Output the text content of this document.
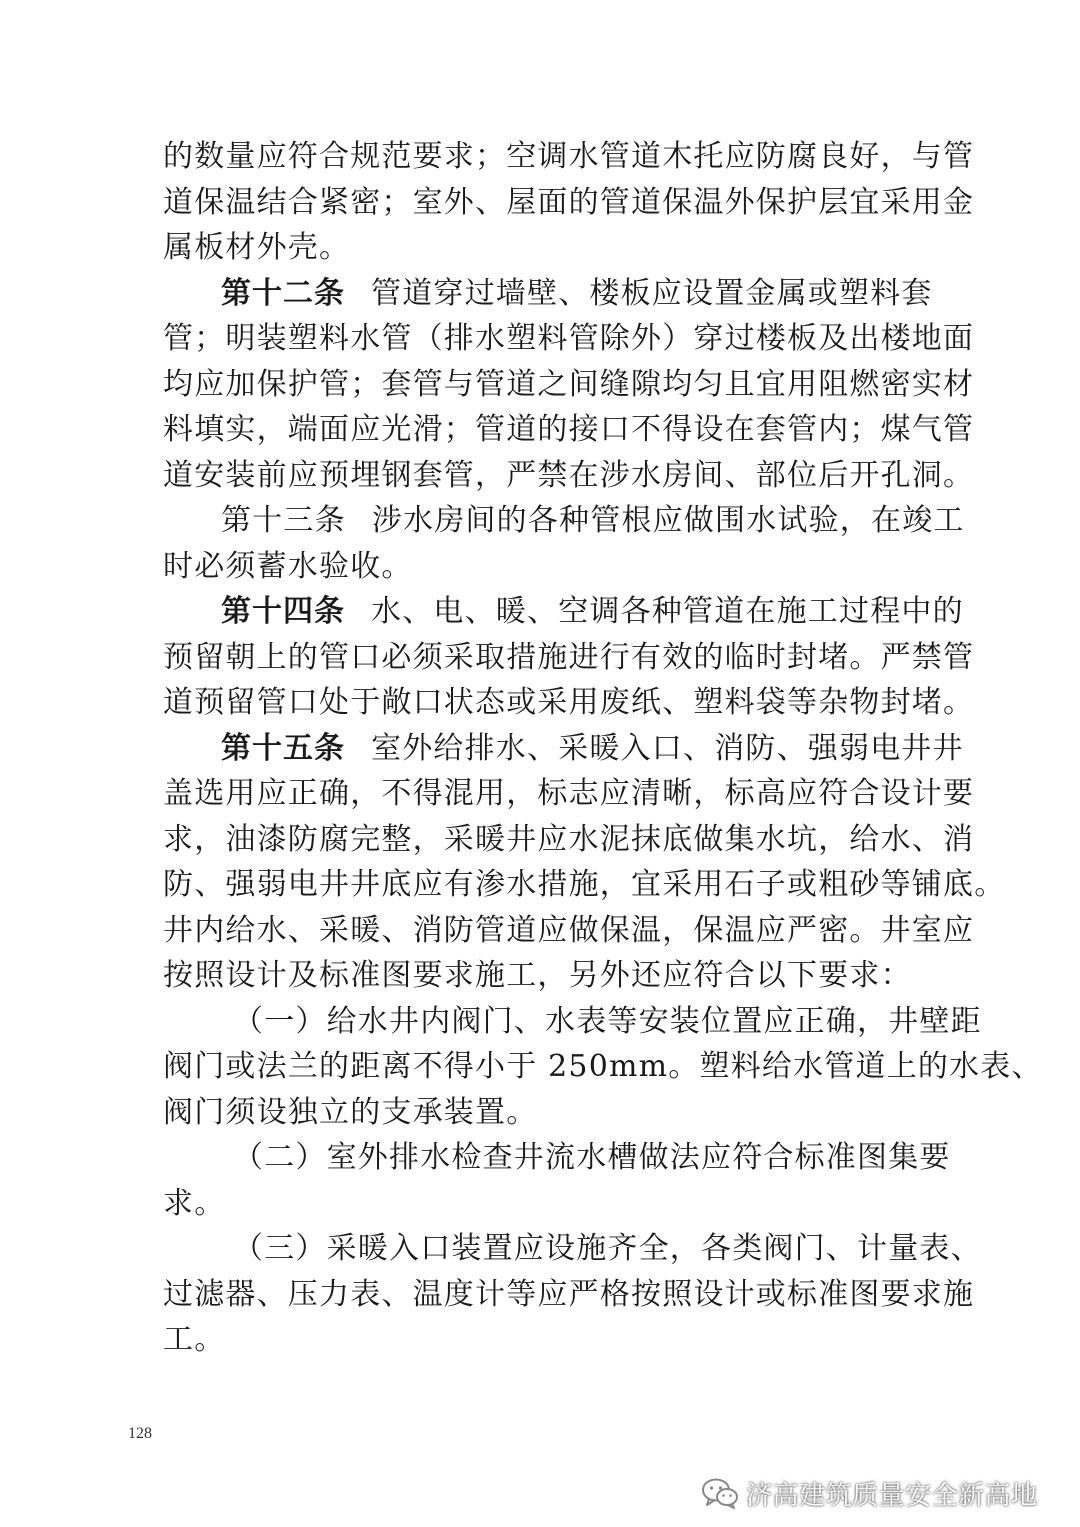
的数量应符合规范要求；空调水管道木托应防腐良好，与管
道保温结合紧密；室外、屋面的管道保温外保护层宜采用金
属板材外壳。
第十二条 管道穿过墙壁、楼板应设置金属或塑料套
管；明装塑料水管（排水塑料管除外）穿过楼板及出楼地面
均应加保护管；套管与管道之间缝隙均匀且宜用阻燃密实材
料填实，端面应光滑；管道的接口不得设在套管内；煤气管
道安装前应预埋钢套管，严禁在涉水房间、部位后开孔洞。
第十三条 涉水房间的各种管根应做围水试验，在竣工
时必须蓄水验收。
第十四条 水、电、暖、空调各种管道在施工过程中的
预留朝上的管口必须采取措施进行有效的临时封堵。严禁管
道预留管口处于敞口状态或采用废纸、塑料袋等杂物封堵。
第十五条 室外给排水、采暖入口、消防、强弱电井井
盖选用应正确，不得混用，标志应清晰，标高应符合设计要
求，油漆防腐完整，采暖井应水泥抹底做集水坑，给水、消
防、强弱电井井底应有渗水措施，宜采用石子或粗砂等铺底。
井内给水、采暖、消防管道应做保温，保温应严密。井室应
按照设计及标准图要求施工，另外还应符合以下要求：
（一）给水井内阀门、水表等安装位置应正确，井壁距
阀门或法兰的距离不得小于 250mm。塑料给水管道上的水表、
阀门须设独立的支承装置。
（二）室外排水检查井流水槽做法应符合标准图集要
求。
（三）采暖入口装置应设施齐全，各类阀门、计量表、
过滤器、压力表、温度计等应严格按照设计或标准图要求施
工。
128
济高建筑质量安全新高地
